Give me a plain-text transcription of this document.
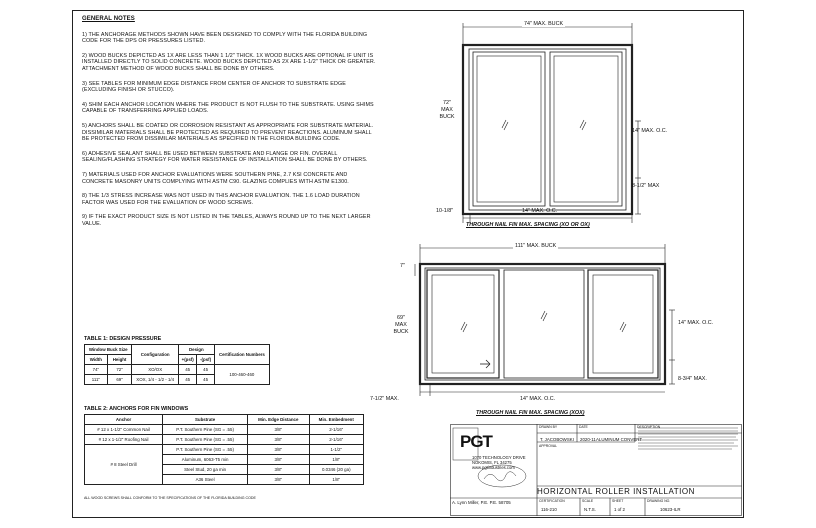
GENERAL NOTES

1) THE ANCHORAGE METHODS SHOWN HAVE BEEN DESIGNED TO COMPLY WITH THE FLORIDA BUILDING CODE FOR THE DPS OR PRESSURES LISTED.

2) WOOD BUCKS DEPICTED AS 1X ARE LESS THAN 1 1/2" THICK. 1X WOOD BUCKS ARE OPTIONAL IF UNIT IS INSTALLED DIRECTLY TO SOLID CONCRETE. WOOD BUCKS DEPICTED AS 2X ARE 1-1/2" THICK OR GREATER. ATTACHMENT METHOD OF WOOD BUCKS SHALL BE DONE BY OTHERS.

3) SEE TABLES FOR MINIMUM EDGE DISTANCE FROM CENTER OF ANCHOR TO SUBSTRATE EDGE (EXCLUDING FINISH OR STUCCO).

4) SHIM EACH ANCHOR LOCATION WHERE THE PRODUCT IS NOT FLUSH TO THE SUBSTRATE. USING SHIMS CAPABLE OF TRANSFERRING APPLIED LOADS.

5) ANCHORS SHALL BE COATED OR CORROSION RESISTANT AS APPROPRIATE FOR SUBSTRATE MATERIAL. DISSIMILAR MATERIALS SHALL BE PROTECTED AS REQUIRED TO PREVENT REACTIONS. ALUMINUM SHALL BE PROTECTED FROM DISSIMILAR MATERIALS AS SPECIFIED IN THE FLORIDA BUILDING CODE.

6) ADHESIVE SEALANT SHALL BE USED BETWEEN SUBSTRATE AND FLANGE OR FIN. OVERALL SEALING/FLASHING STRATEGY FOR WATER RESISTANCE OF INSTALLATION SHALL BE DONE BY OTHERS.

7) MATERIALS USED FOR ANCHOR EVALUATIONS WERE SOUTHERN PINE, 2.7 KSI CONCRETE AND CONCRETE MASONRY UNITS COMPLYING WITH ASTM C90. GLAZING COMPLIES WITH ASTM E1300.

8) THE 1/3 STRESS INCREASE WAS NOT USED IN THIS ANCHOR EVALUATION. THE 1.6 LOAD DURATION FACTOR WAS USED FOR THE EVALUATION OF WOOD SCREWS.

9) IF THE EXACT PRODUCT SIZE IS NOT LISTED IN THE TABLES, ALWAYS ROUND UP TO THE NEXT LARGER VALUE.

TABLE 1: DESIGN PRESSURE
Window Buck Size		Configuration	Design		Certification Numbers
Width	Height		+(psf)	-(psf)	
74"	72"	XO/OX	45	45	100-460-460
111"	69"	XOX, 1/4 - 1/2 - 1/4	45	45	
TABLE 2: ANCHORS FOR FIN WINDOWS
Anchor	Substrate	Min. Edge Distance	Min. Embedment
# 12 x 1-1/2" Common Nail	P.T. Southern Pine (SG = .55)	3/8"	2-1/16"
# 12 x 1-1/2" Roofing Nail	P.T. Southern Pine (SG = .55)	3/8"	2-1/16"
# 8 Steel Drill	P.T. Southern Pine (SG = .55)	3/8"	1-1/2"
	Aluminum, 6063-T5 min	3/8"	1/8"
	Steel Stud, 20 ga min	3/8"	0.0346 (20 ga)
	A36 Steel	3/8"	1/8"
ALL WOOD SCREWS SHALL CONFORM TO THE SPECIFICATIONS OF THE FLORIDA BUILDING CODE
74" MAX. BUCK
72" MAX BUCK
14" MAX. O.C.
8-1/2" MAX
10-1/8"	14" MAX. O.C.
THROUGH NAIL FIN MAX. SPACING (XO OR OX)
111" MAX. BUCK
7"
69" MAX BUCK
14" MAX. O.C.
8-3/4" MAX.
7-1/2" MAX.	14" MAX. O.C.
THROUGH NAIL FIN MAX. SPACING (XOX)
PGT
1070 TECHNOLOGY DRIVE NOKOMIS, FL 34275 www.pgtindustries.com
A. Lynn Miller, P.E. P.E. 58705
DRAWN BY
T. JACOBOWSKI
DATE
2020-11
DESCRIPTION
ALUMINUM CONVERT
APPROVAL
HORIZONTAL ROLLER INSTALLATION
CERTIFICATION
116-210
SCALE
N.T.S.
SHEET
1 of 2
DRAWING NO.
10623-ILR
